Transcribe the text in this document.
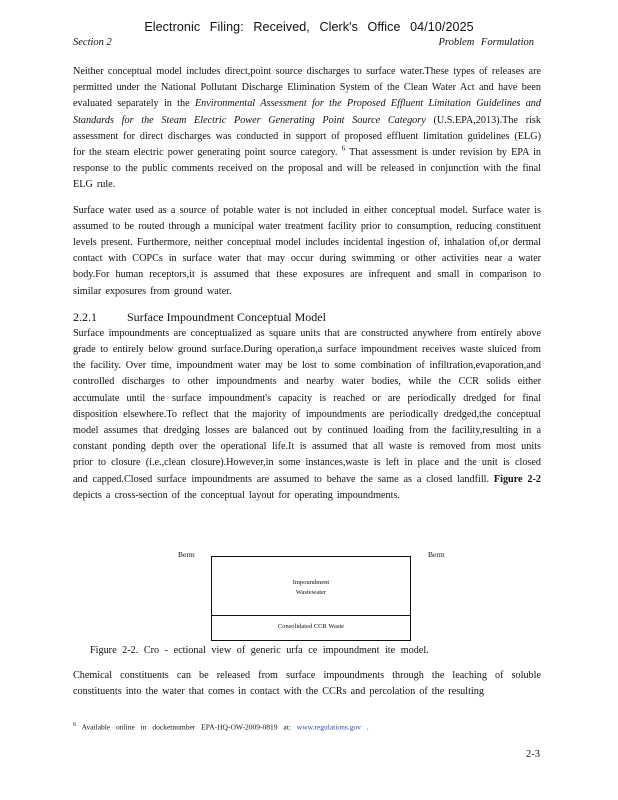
Electronic Filing: Received, Clerk's Office 04/10/2025
Section 2	Problem Formulation

Neither conceptual model includes direct,point source discharges to surface water.These types of releases are permitted under the National Pollutant Discharge Elimination System of the Clean Water Act and have been evaluated separately in the Environmental Assessment for the Proposed Effluent Limitation Guidelines and Standards for the Steam Electric Power Generating Point Source Category (U.S.EPA,2013).The risk assessment for direct discharges was conducted in support of proposed effluent limitation guidelines (ELG) for the steam electric power generating point source category. $^6$ That assessment is under revision by EPA in response to the public comments received on the proposal and will be released in conjunction with the final ELG rule.

Surface water used as a source of potable water is not included in either conceptual model. Surface water is assumed to be routed through a municipal water treatment facility prior to consumption, reducing constituent levels present. Furthermore, neither conceptual model includes incidental ingestion of, inhalation of,or dermal contact with COPCs in surface water that may occur during swimming or other activities near a water body.For human receptors,it is assumed that these exposures are infrequent and small in comparison to similar exposures from ground water.

2.2.1	Surface Impoundment Conceptual Model

Surface impoundments are conceptualized as square units that are constructed anywhere from entirely above grade to entirely below ground surface.During operation,a surface impoundment receives waste sluiced from the facility. Over time, impoundment water may be lost to some combination of infiltration,evaporation,and controlled discharges to other impoundments and nearby water bodies, while the CCR solids either accumulate until the surface impoundment's capacity is reached or are periodically dredged for final disposition elsewhere.To reflect that the majority of impoundments are periodically dredged,the conceptual model assumes that dredging losses are balanced out by continued loading from the facility,resulting in a constant ponding depth over the operational life.It is assumed that all waste is removed from most units prior to closure (i.e.,clean closure).However,in some instances,waste is left in place and the unit is closed and capped.Closed surface impoundments are assumed to behave the same as a closed landfill. Figure 2-2 depicts a cross-section of the conceptual layout for operating impoundments.

Berm	Berm
Impoundment
Wastewater
Consolidated CCR Waste
Figure 2-2. Cro - ectional view of generic urfa ce impoundment ite model.

Chemical constituents can be released from surface impoundments through the leaching of soluble constituents into the water that comes in contact with the CCRs and percolation of the resulting

$^6$ Available online in docketnumber EPA-HQ-OW-2009-0819 at: www.regulations.gov .
2-3
